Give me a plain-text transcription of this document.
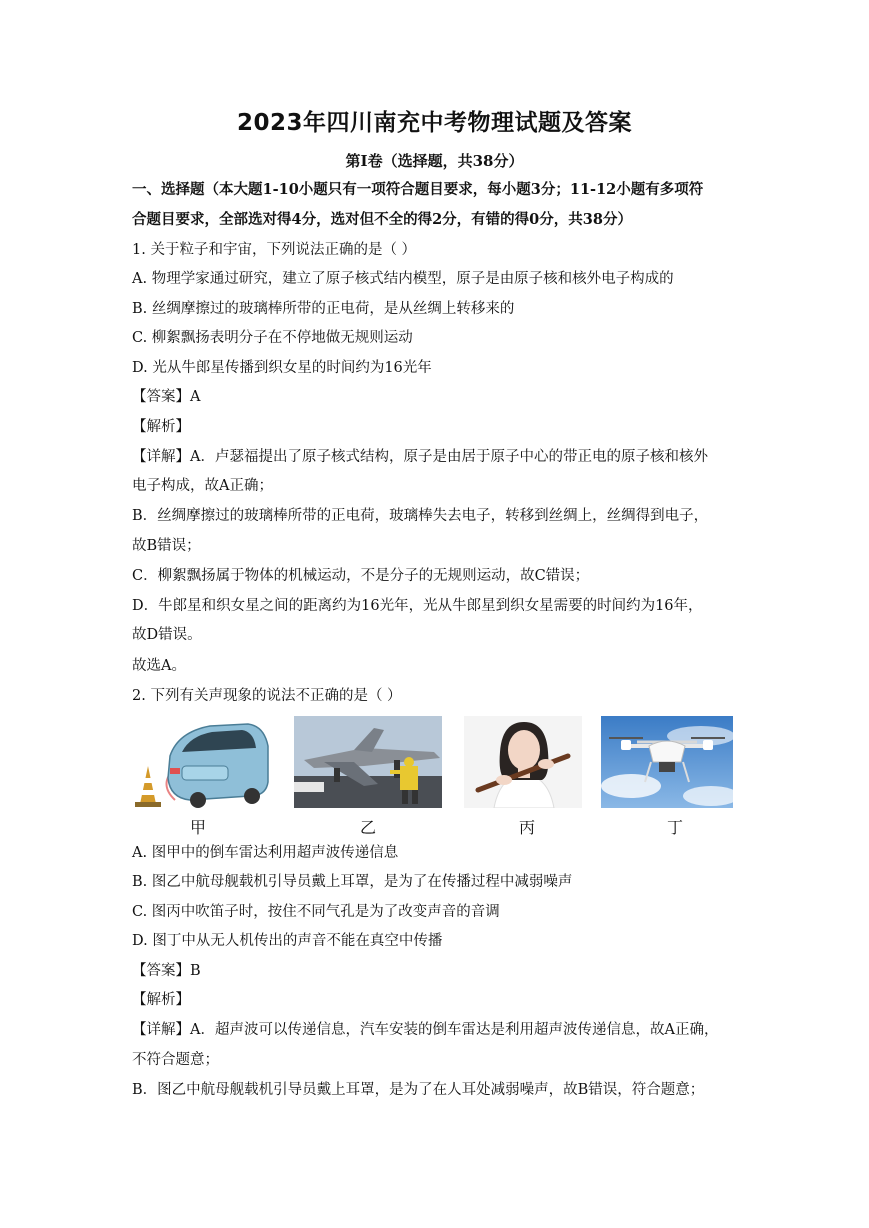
2023年四川南充中考物理试题及答案
第Ⅰ卷（选择题，共38分）
一、选择题（本大题1-10小题只有一项符合题目要求，每小题3分；11-12小题有多项符
合题目要求，全部选对得4分，选对但不全的得2分，有错的得0分，共38分）
1. 关于粒子和宇宙，下列说法正确的是（ ）
A. 物理学家通过研究，建立了原子核式结内模型，原子是由原子核和核外电子构成的
B. 丝绸摩擦过的玻璃棒所带的正电荷，是从丝绸上转移来的
C. 柳絮飘扬表明分子在不停地做无规则运动
D. 光从牛郎星传播到织女星的时间约为16光年
【答案】A
【解析】
【详解】A．卢瑟福提出了原子核式结构，原子是由居于原子中心的带正电的原子核和核外
电子构成，故A正确；
B．丝绸摩擦过的玻璃棒所带的正电荷，玻璃棒失去电子，转移到丝绸上，丝绸得到电子，
故B错误；
C．柳絮飘扬属于物体的机械运动，不是分子的无规则运动，故C错误；
D．牛郎星和织女星之间的距离约为16光年，光从牛郎星到织女星需要的时间约为16年，
故D错误。
故选A。
2. 下列有关声现象的说法不正确的是（ ）
甲	乙	丙	丁
A. 图甲中的倒车雷达利用超声波传递信息
B. 图乙中航母舰载机引导员戴上耳罩，是为了在传播过程中减弱噪声
C. 图丙中吹笛子时，按住不同气孔是为了改变声音的音调
D. 图丁中从无人机传出的声音不能在真空中传播
【答案】B
【解析】
【详解】A．超声波可以传递信息，汽车安装的倒车雷达是利用超声波传递信息，故A正确，
不符合题意；
B．图乙中航母舰载机引导员戴上耳罩，是为了在人耳处减弱噪声，故B错误，符合题意；
